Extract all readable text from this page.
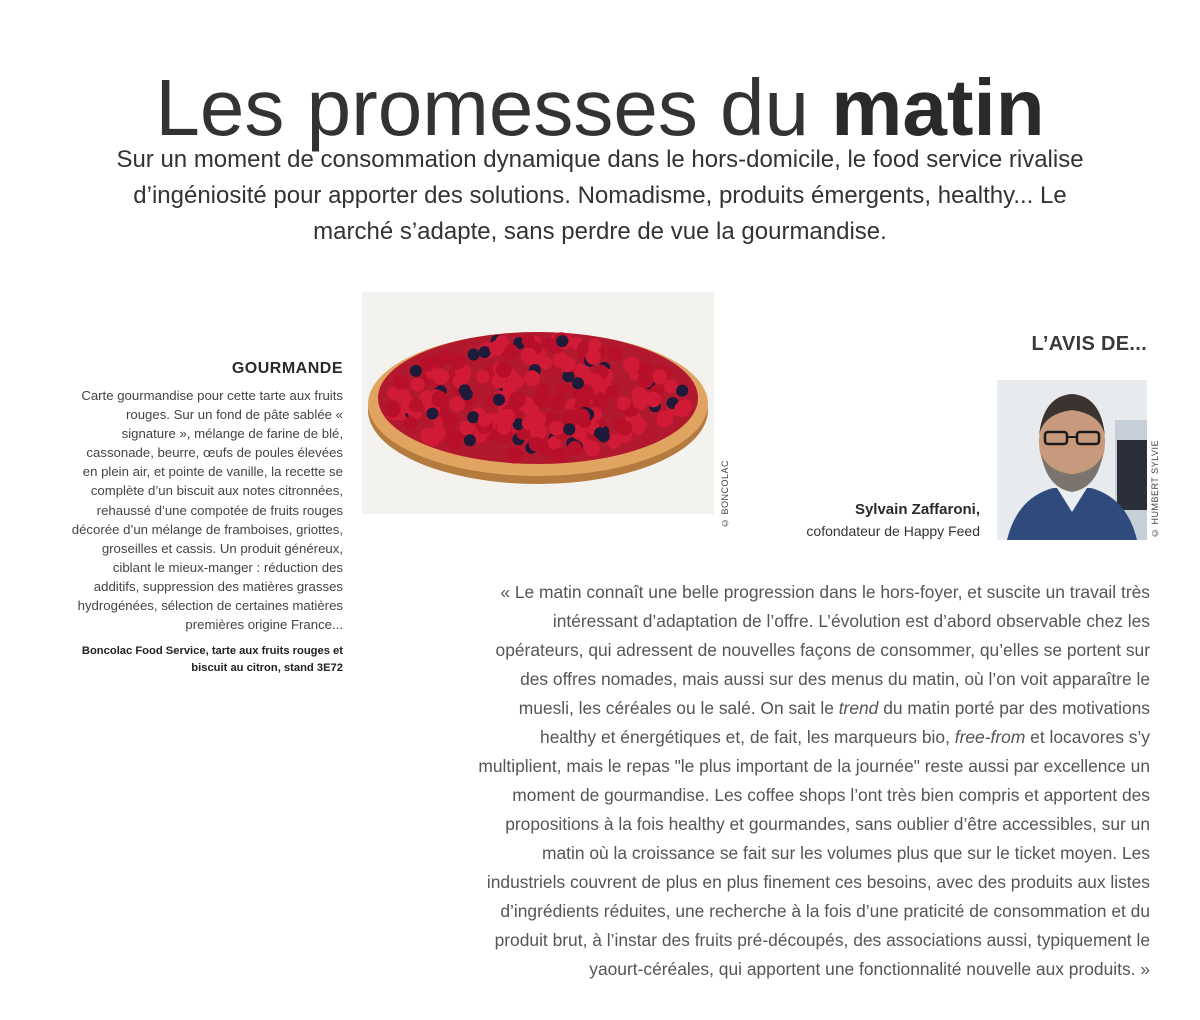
Les promesses du matin

Sur un moment de consommation dynamique dans le hors-domicile, le food service rivalise d’ingéniosité pour apporter des solutions. Nomadisme, produits émergents, healthy... Le marché s’adapte, sans perdre de vue la gourmandise.

GOURMANDE

Carte gourmandise pour cette tarte aux fruits rouges. Sur un fond de pâte sablée « signature », mélange de farine de blé, cassonade, beurre, œufs de poules élevées en plein air, et pointe de vanille, la recette se complète d’un biscuit aux notes citronnées, rehaussé d’une compotée de fruits rouges décorée d’un mélange de framboises, griottes, groseilles et cassis. Un produit généreux, ciblant le mieux-manger : réduction des additifs, suppression des matières grasses hydrogénées, sélection de certaines matières premières origine France...

Boncolac Food Service, tarte aux fruits rouges et biscuit au citron, stand 3E72
© BONCOLAC
L’AVIS DE...
© HUMBERT SYLVIE
Sylvain Zaffaroni,
cofondateur de Happy Feed

« Le matin connaît une belle progression dans le hors-foyer, et suscite un travail très intéressant d’adaptation de l’offre. L’évolution est d’abord observable chez les opérateurs, qui adressent de nouvelles façons de consommer, qu’elles se portent sur des offres nomades, mais aussi sur des menus du matin, où l’on voit apparaître le muesli, les céréales ou le salé. On sait le trend du matin porté par des motivations healthy et énergétiques et, de fait, les marqueurs bio, free-from et locavores s’y multiplient, mais le repas "le plus important de la journée" reste aussi par excellence un moment de gourmandise. Les coffee shops l’ont très bien compris et apportent des propositions à la fois healthy et gourmandes, sans oublier d’être accessibles, sur un matin où la croissance se fait sur les volumes plus que sur le ticket moyen. Les industriels couvrent de plus en plus finement ces besoins, avec des produits aux listes d’ingrédients réduites, une recherche à la fois d’une praticité de consommation et du produit brut, à l’instar des fruits pré-découpés, des associations aussi, typiquement le yaourt-céréales, qui apportent une fonctionnalité nouvelle aux produits. »
